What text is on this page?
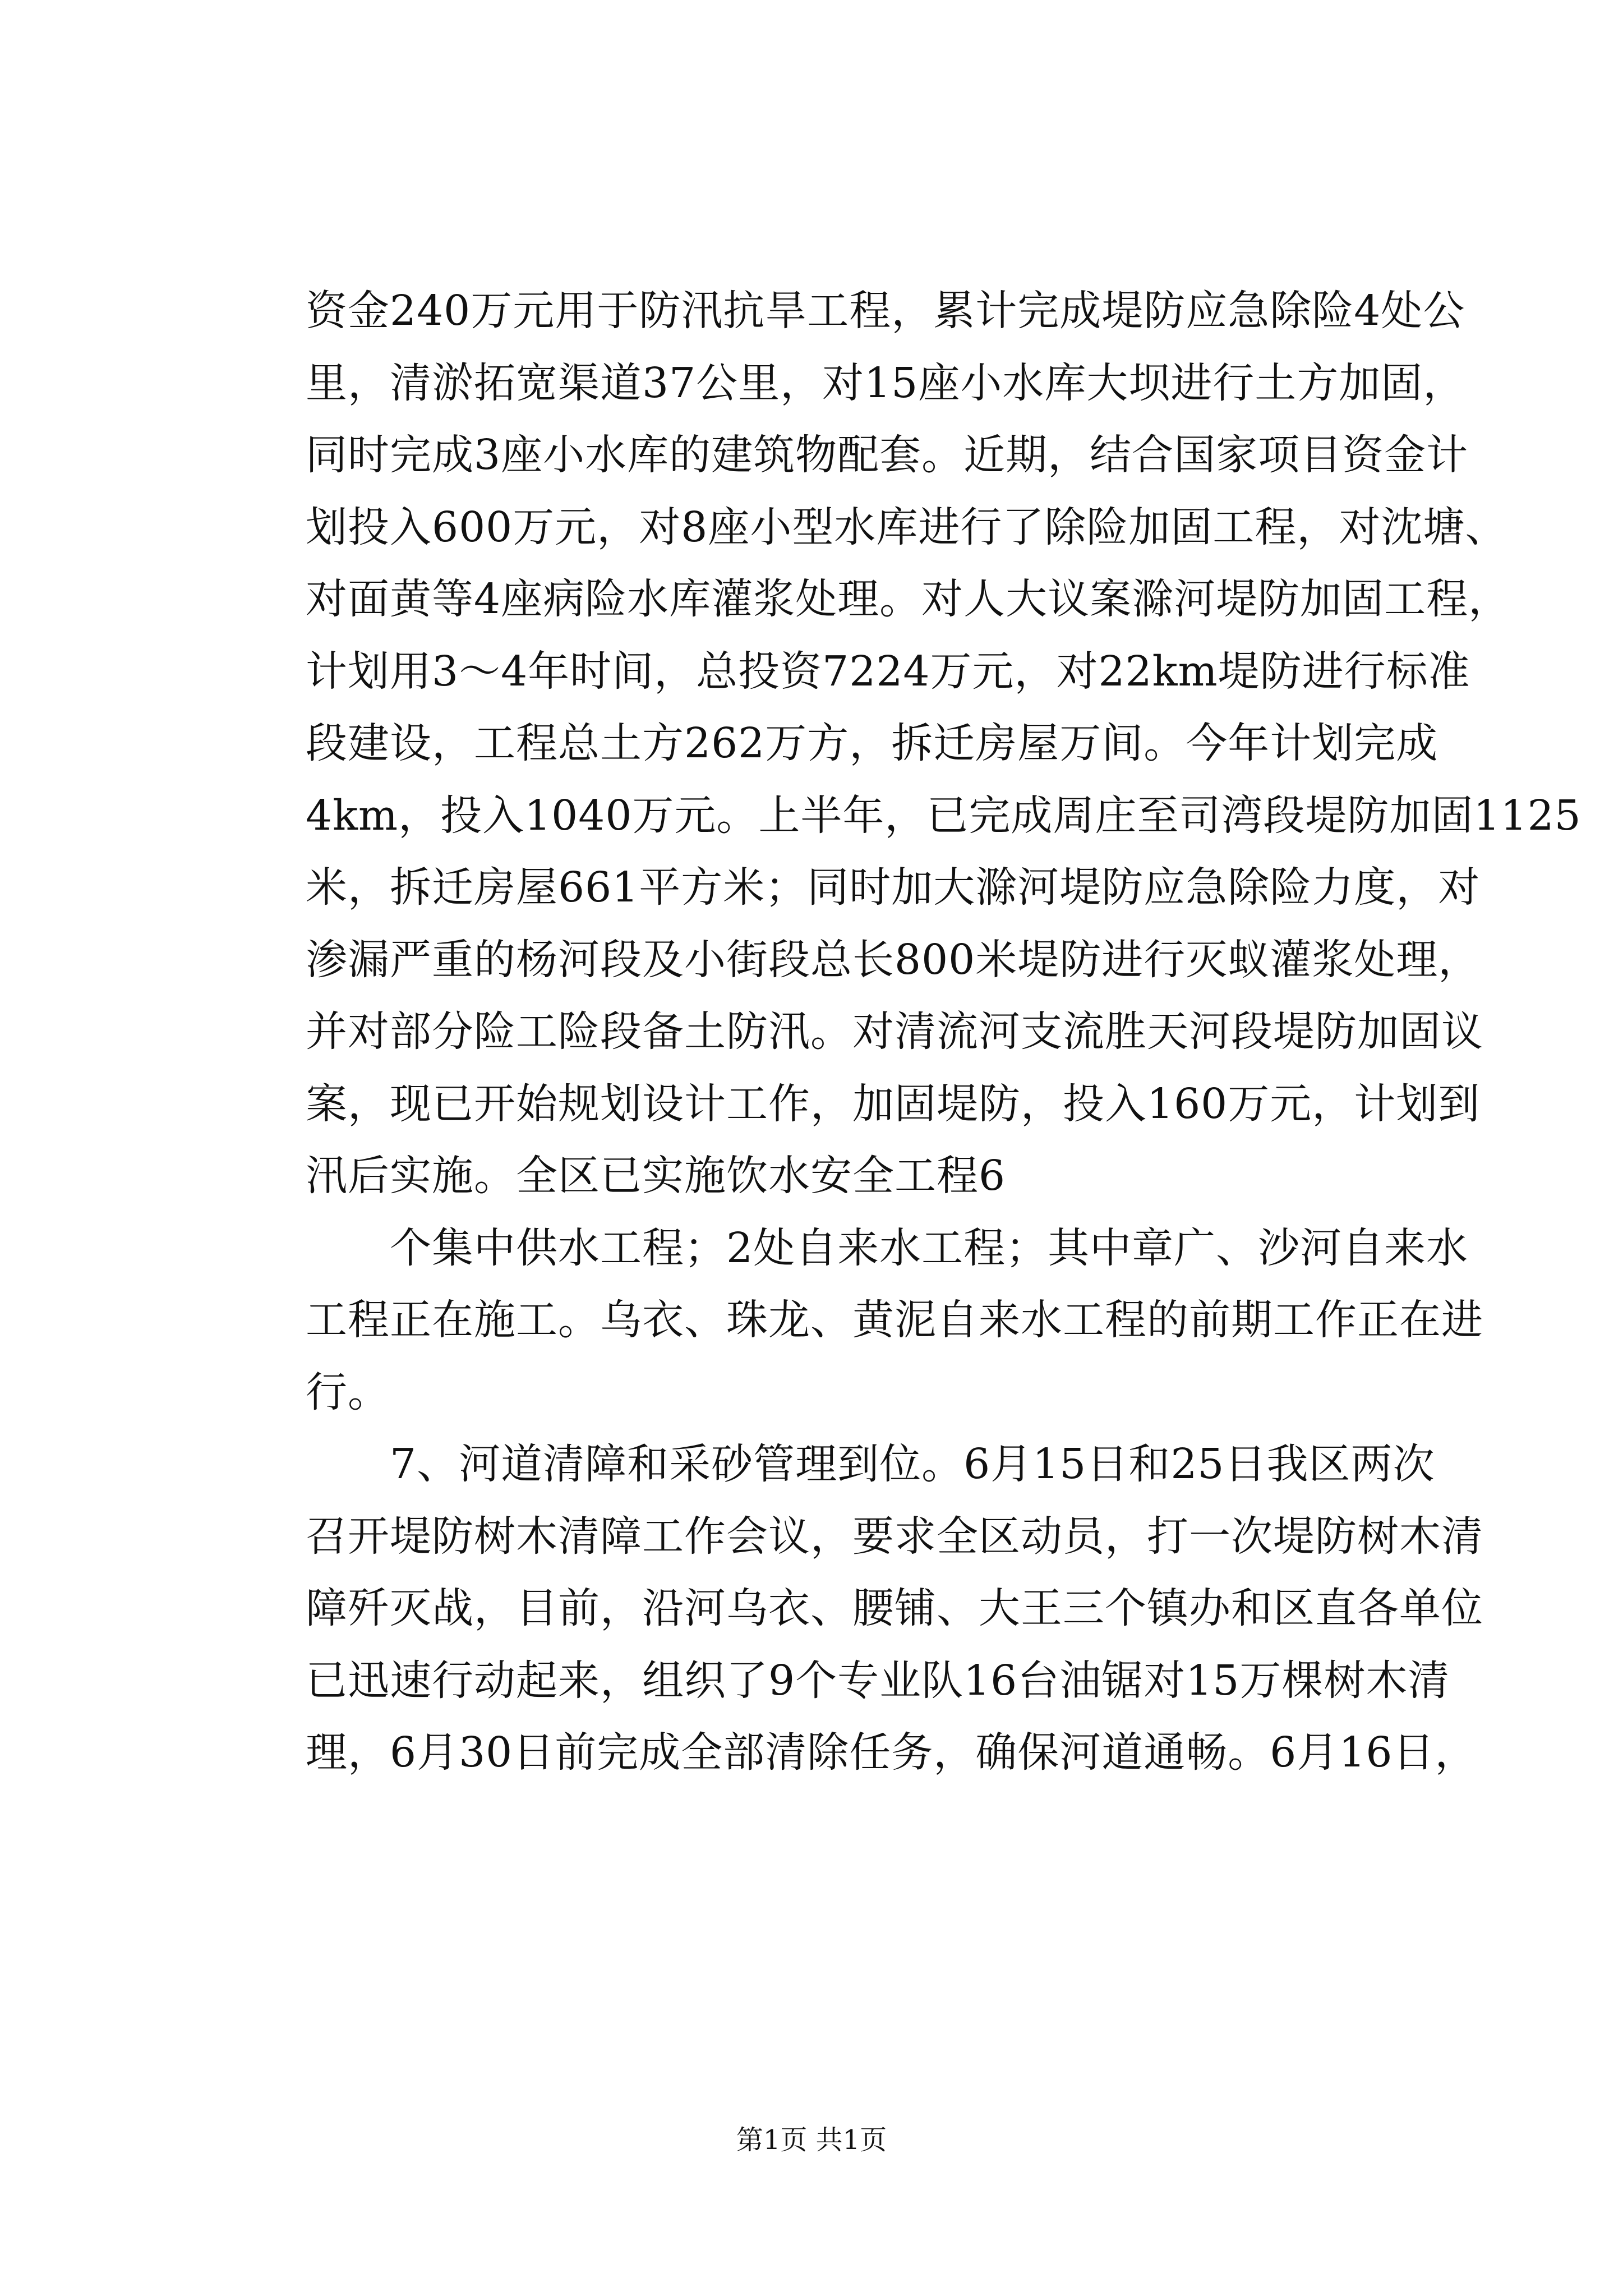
资金240万元用于防汛抗旱工程，累计完成堤防应急除险4处公
里，清淤拓宽渠道37公里，对15座小水库大坝进行土方加固，
同时完成3座小水库的建筑物配套。近期，结合国家项目资金计
划投入600万元，对8座小型水库进行了除险加固工程，对沈塘、
对面黄等4座病险水库灌浆处理。对人大议案滁河堤防加固工程，
计划用3～4年时间，总投资7224万元，对22km堤防进行标准
段建设，工程总土方262万方，拆迁房屋万间。今年计划完成
4km，投入1040万元。上半年，已完成周庄至司湾段堤防加固1125
米，拆迁房屋661平方米；同时加大滁河堤防应急除险力度，对
渗漏严重的杨河段及小街段总长800米堤防进行灭蚁灌浆处理，
并对部分险工险段备土防汛。对清流河支流胜天河段堤防加固议
案，现已开始规划设计工作，加固堤防，投入160万元，计划到
汛后实施。全区已实施饮水安全工程6
个集中供水工程；2处自来水工程；其中章广、沙河自来水
工程正在施工。乌衣、珠龙、黄泥自来水工程的前期工作正在进
行。
7、河道清障和采砂管理到位。6月15日和25日我区两次
召开堤防树木清障工作会议，要求全区动员，打一次堤防树木清
障歼灭战，目前，沿河乌衣、腰铺、大王三个镇办和区直各单位
已迅速行动起来，组织了9个专业队16台油锯对15万棵树木清
理，6月30日前完成全部清除任务，确保河道通畅。6月16日，
第1页 共1页
